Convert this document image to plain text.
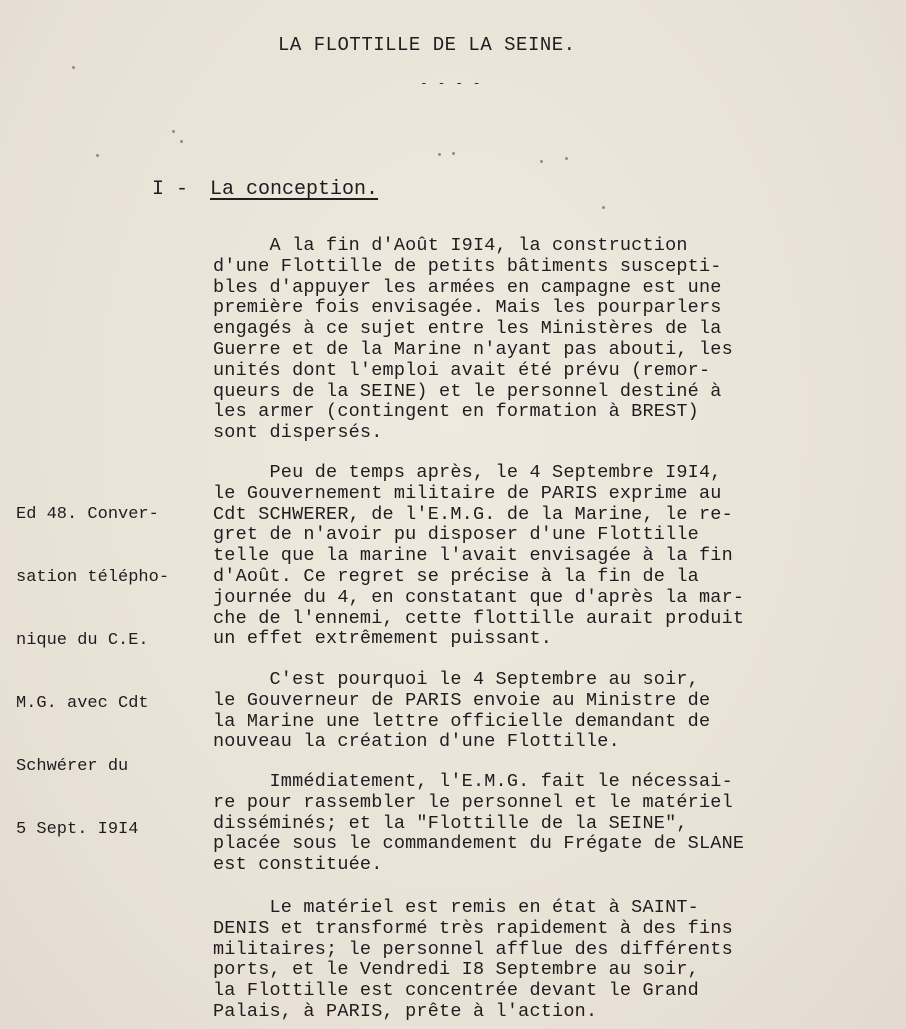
LA FLOTTILLE DE LA SEINE.
- - - -
I - La conception.

Ed 48. Conver-

sation télépho-

nique du C.E.

M.G. avec Cdt

Schwérer du

5 Sept. I9I4

A la fin d'Août I9I4, la construction
d'une Flottille de petits bâtiments suscepti-
bles d'appuyer les armées en campagne est une
première fois envisagée. Mais les pourparlers
engagés à ce sujet entre les Ministères de la
Guerre et de la Marine n'ayant pas abouti, les
unités dont l'emploi avait été prévu (remor-
queurs de la SEINE) et le personnel destiné à
les armer (contingent en formation à BREST)
sont dispersés.
Peu de temps après, le 4 Septembre I9I4,
le Gouvernement militaire de PARIS exprime au
Cdt SCHWERER, de l'E.M.G. de la Marine, le re-
gret de n'avoir pu disposer d'une Flottille
telle que la marine l'avait envisagée à la fin
d'Août. Ce regret se précise à la fin de la
journée du 4, en constatant que d'après la mar-
che de l'ennemi, cette flottille aurait produit
un effet extrêmement puissant.
C'est pourquoi le 4 Septembre au soir,
le Gouverneur de PARIS envoie au Ministre de
la Marine une lettre officielle demandant de
nouveau la création d'une Flottille.
Immédiatement, l'E.M.G. fait le nécessai-
re pour rassembler le personnel et le matériel
disséminés; et la "Flottille de la SEINE",
placée sous le commandement du Frégate de SLANE
est constituée.
Le matériel est remis en état à SAINT-
DENIS et transformé très rapidement à des fins
militaires; le personnel afflue des différents
ports, et le Vendredi I8 Septembre au soir,
la Flottille est concentrée devant le Grand
Palais, à PARIS, prête à l'action.
